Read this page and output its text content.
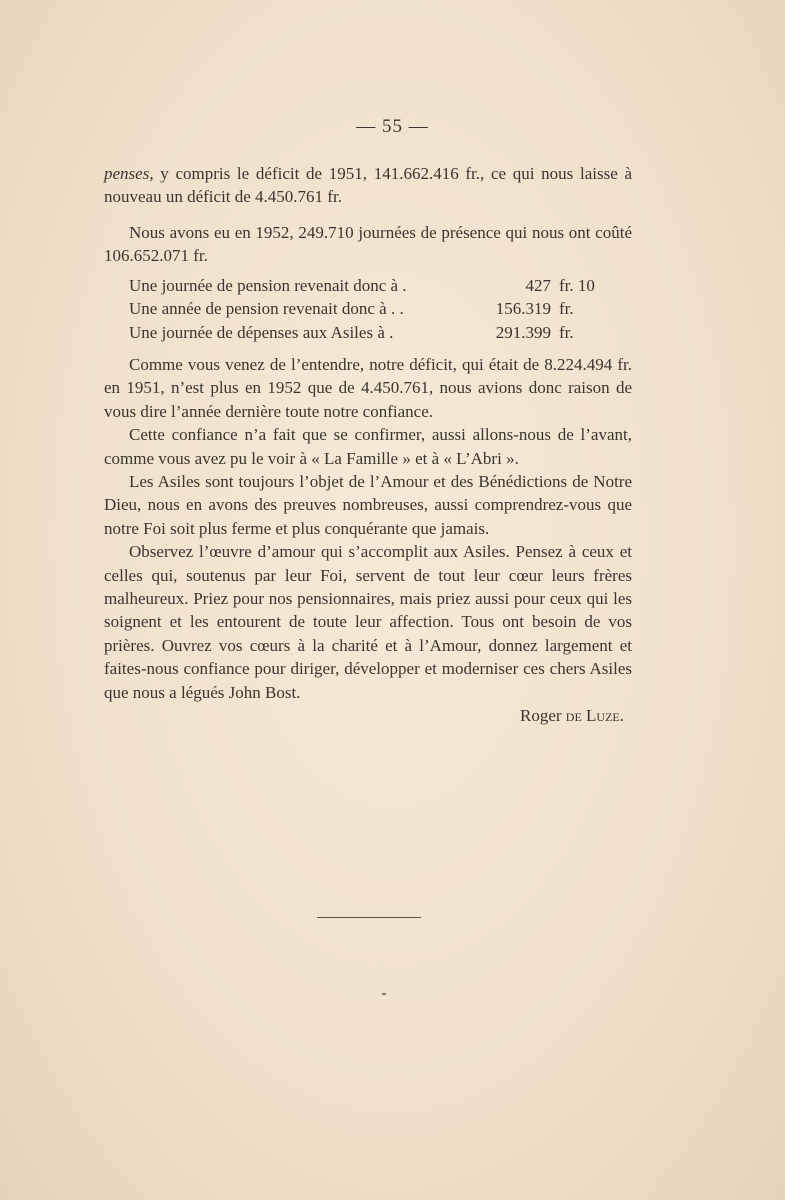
— 55 —

penses, y compris le déficit de 1951, 141.662.416 fr., ce qui nous laisse à nouveau un déficit de 4.450.761 fr.

Nous avons eu en 1952, 249.710 journées de présence qui nous ont coûté 106.652.071 fr.

Une journée de pension revenait donc à .	427 fr. 10
Une année de pension revenait donc à . .	156.319 fr.
Une journée de dépenses aux Asiles à .	291.399 fr.

Comme vous venez de l’entendre, notre déficit, qui était de 8.224.494 fr. en 1951, n’est plus en 1952 que de 4.450.761, nous avions donc raison de vous dire l’année dernière toute notre confiance.

Cette confiance n’a fait que se confirmer, aussi allons-nous de l’avant, comme vous avez pu le voir à « La Famille » et à « L’Abri ».

Les Asiles sont toujours l’objet de l’Amour et des Bénédictions de Notre Dieu, nous en avons des preuves nombreuses, aussi comprendrez-vous que notre Foi soit plus ferme et plus conquérante que jamais.

Observez l’œuvre d’amour qui s’accomplit aux Asiles. Pensez à ceux et celles qui, soutenus par leur Foi, servent de tout leur cœur leurs frères malheureux. Priez pour nos pensionnaires, mais priez aussi pour ceux qui les soignent et les entourent de toute leur affection. Tous ont besoin de vos prières. Ouvrez vos cœurs à la charité et à l’Amour, donnez largement et faites-nous confiance pour diriger, développer et moderniser ces chers Asiles que nous a légués John Bost.

Roger de Luze.
